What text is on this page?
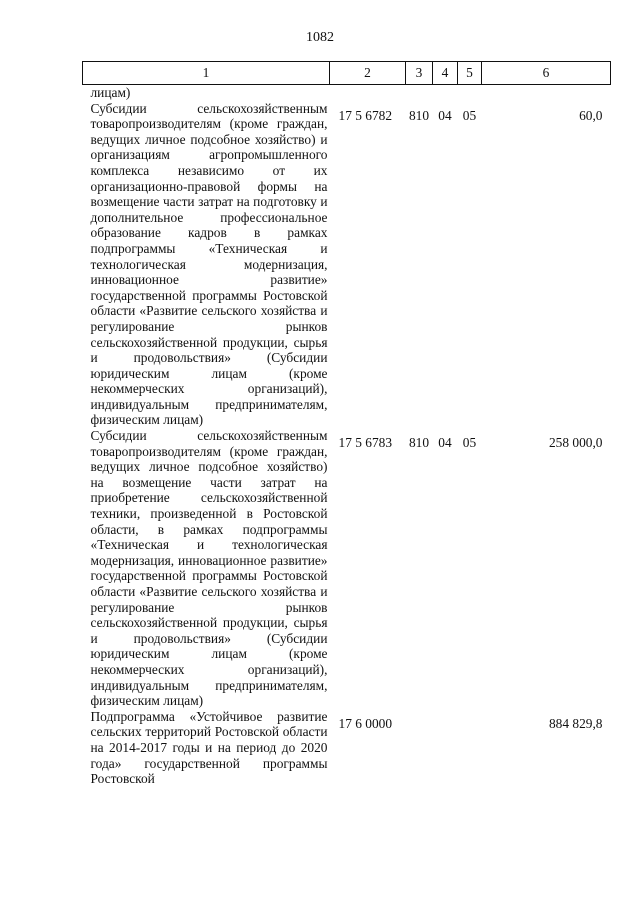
1082
1	2	3	4	5	6
лицам)					
Субсидии сельскохозяйственным товаропроизводителям (кроме граждан, ведущих личное подсобное хозяйство) и организациям агропромышленного комплекса независимо от их организационно-правовой формы на возмещение части затрат на подготовку и дополнительное профессиональное образование кадров в рамках подпрограммы «Техническая и технологическая модернизация, инновационное развитие» государственной программы Ростовской области «Развитие сельского хозяйства и регулирование рынков сельскохозяйственной продукции, сырья и продовольствия» (Субсидии юридическим лицам (кроме некоммерческих организаций), индивидуальным предпринимателям, физическим лицам)	17 5 6782	810	04	05	60,0
Субсидии сельскохозяйственным товаропроизводителям (кроме граждан, ведущих личное подсобное хозяйство) на возмещение части затрат на приобретение сельскохозяйственной техники, произведенной в Ростовской области, в рамках подпрограммы «Техническая и технологическая модернизация, инновационное развитие» государственной программы Ростовской области «Развитие сельского хозяйства и регулирование рынков сельскохозяйственной продукции, сырья и продовольствия» (Субсидии юридическим лицам (кроме некоммерческих организаций), индивидуальным предпринимателям, физическим лицам)	17 5 6783	810	04	05	258 000,0
Подпрограмма «Устойчивое развитие сельских территорий Ростовской области на 2014-2017 годы и на период до 2020 года» государственной программы Ростовской	17 6 0000				884 829,8
